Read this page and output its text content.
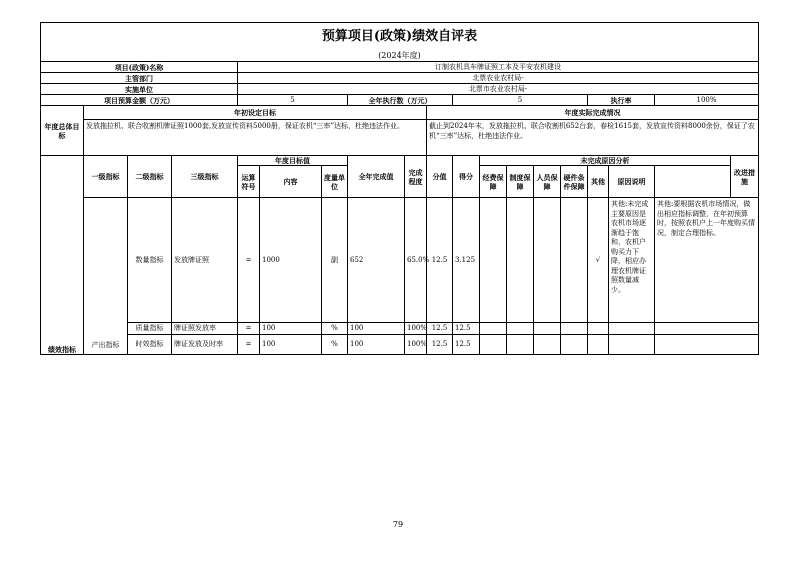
预算项目(政策)绩效自评表																		
(2024年度)																		
项目(政策)名称				订制农机具车牌证照工本及平安农机建设														
主管部门				北票农业农村局-														
实施单位				北票市农业农村局-														
项目预算金额（万元）				5			全年执行数（万元）			5					执行率		100%	
年度总体目标	年初设定目标								年度实际完成情况									
	发放拖拉机、联合收割机牌证照1000套,发放宣传资料5000册，保证农机“三率”达标，杜绝违法作业。								截止到2024年末，发放拖拉机、联合收割机652台套，春检1615套，发放宣传资料8000余份，保证了农机“三率”达标，杜绝违法作业。									
绩效指标	一级指标	二级指标	三级指标	年度目标值			全年完成值	完成程度	分值	得分	未完成原因分析							改进措施
				运算符号	内容	度量单位					经费保障	制度保障	人员保障	硬件条件保障	其他	原因说明		
	产出指标	数量指标	发放牌证照	=	1000	副	652	65.0%	12.5	3.125					√	其他:未完成主要原因是农机市场逐渐趋于饱和，农机户购买力下降，相应办理农机牌证照数量减少。	其他:要根据农机市场情况，做出相应指标调整，在年初预算时，按照农机户上一年度购买情况，制定合理指标。	
		质量指标	牌证照发放率	=	100	%	100	100%	12.5	12.5								
		时效指标	牌证发放及时率	=	100	%	100	100%	12.5	12.5								
79
